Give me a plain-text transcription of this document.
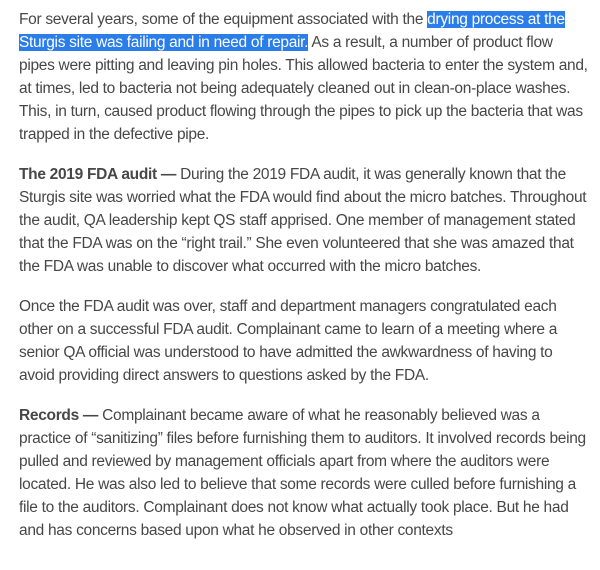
For several years, some of the equipment associated with the drying process at the Sturgis site was failing and in need of repair. As a result, a number of product flow pipes were pitting and leaving pin holes. This allowed bacteria to enter the system and, at times, led to bacteria not being adequately cleaned out in clean-on-place washes. This, in turn, caused product flowing through the pipes to pick up the bacteria that was trapped in the defective pipe.

The 2019 FDA audit — During the 2019 FDA audit, it was generally known that the Sturgis site was worried what the FDA would find about the micro batches. Throughout the audit, QA leadership kept QS staff apprised. One member of management stated that the FDA was on the “right trail.” She even volunteered that she was amazed that the FDA was unable to discover what occurred with the micro batches.

Once the FDA audit was over, staff and department managers congratulated each other on a successful FDA audit. Complainant came to learn of a meeting where a senior QA official was understood to have admitted the awkwardness of having to avoid providing direct answers to questions asked by the FDA.

Records — Complainant became aware of what he reasonably believed was a practice of “sanitizing” files before furnishing them to auditors. It involved records being pulled and reviewed by management officials apart from where the auditors were located. He was also led to believe that some records were culled before furnishing a file to the auditors. Complainant does not know what actually took place. But he had and has concerns based upon what he observed in other contexts
